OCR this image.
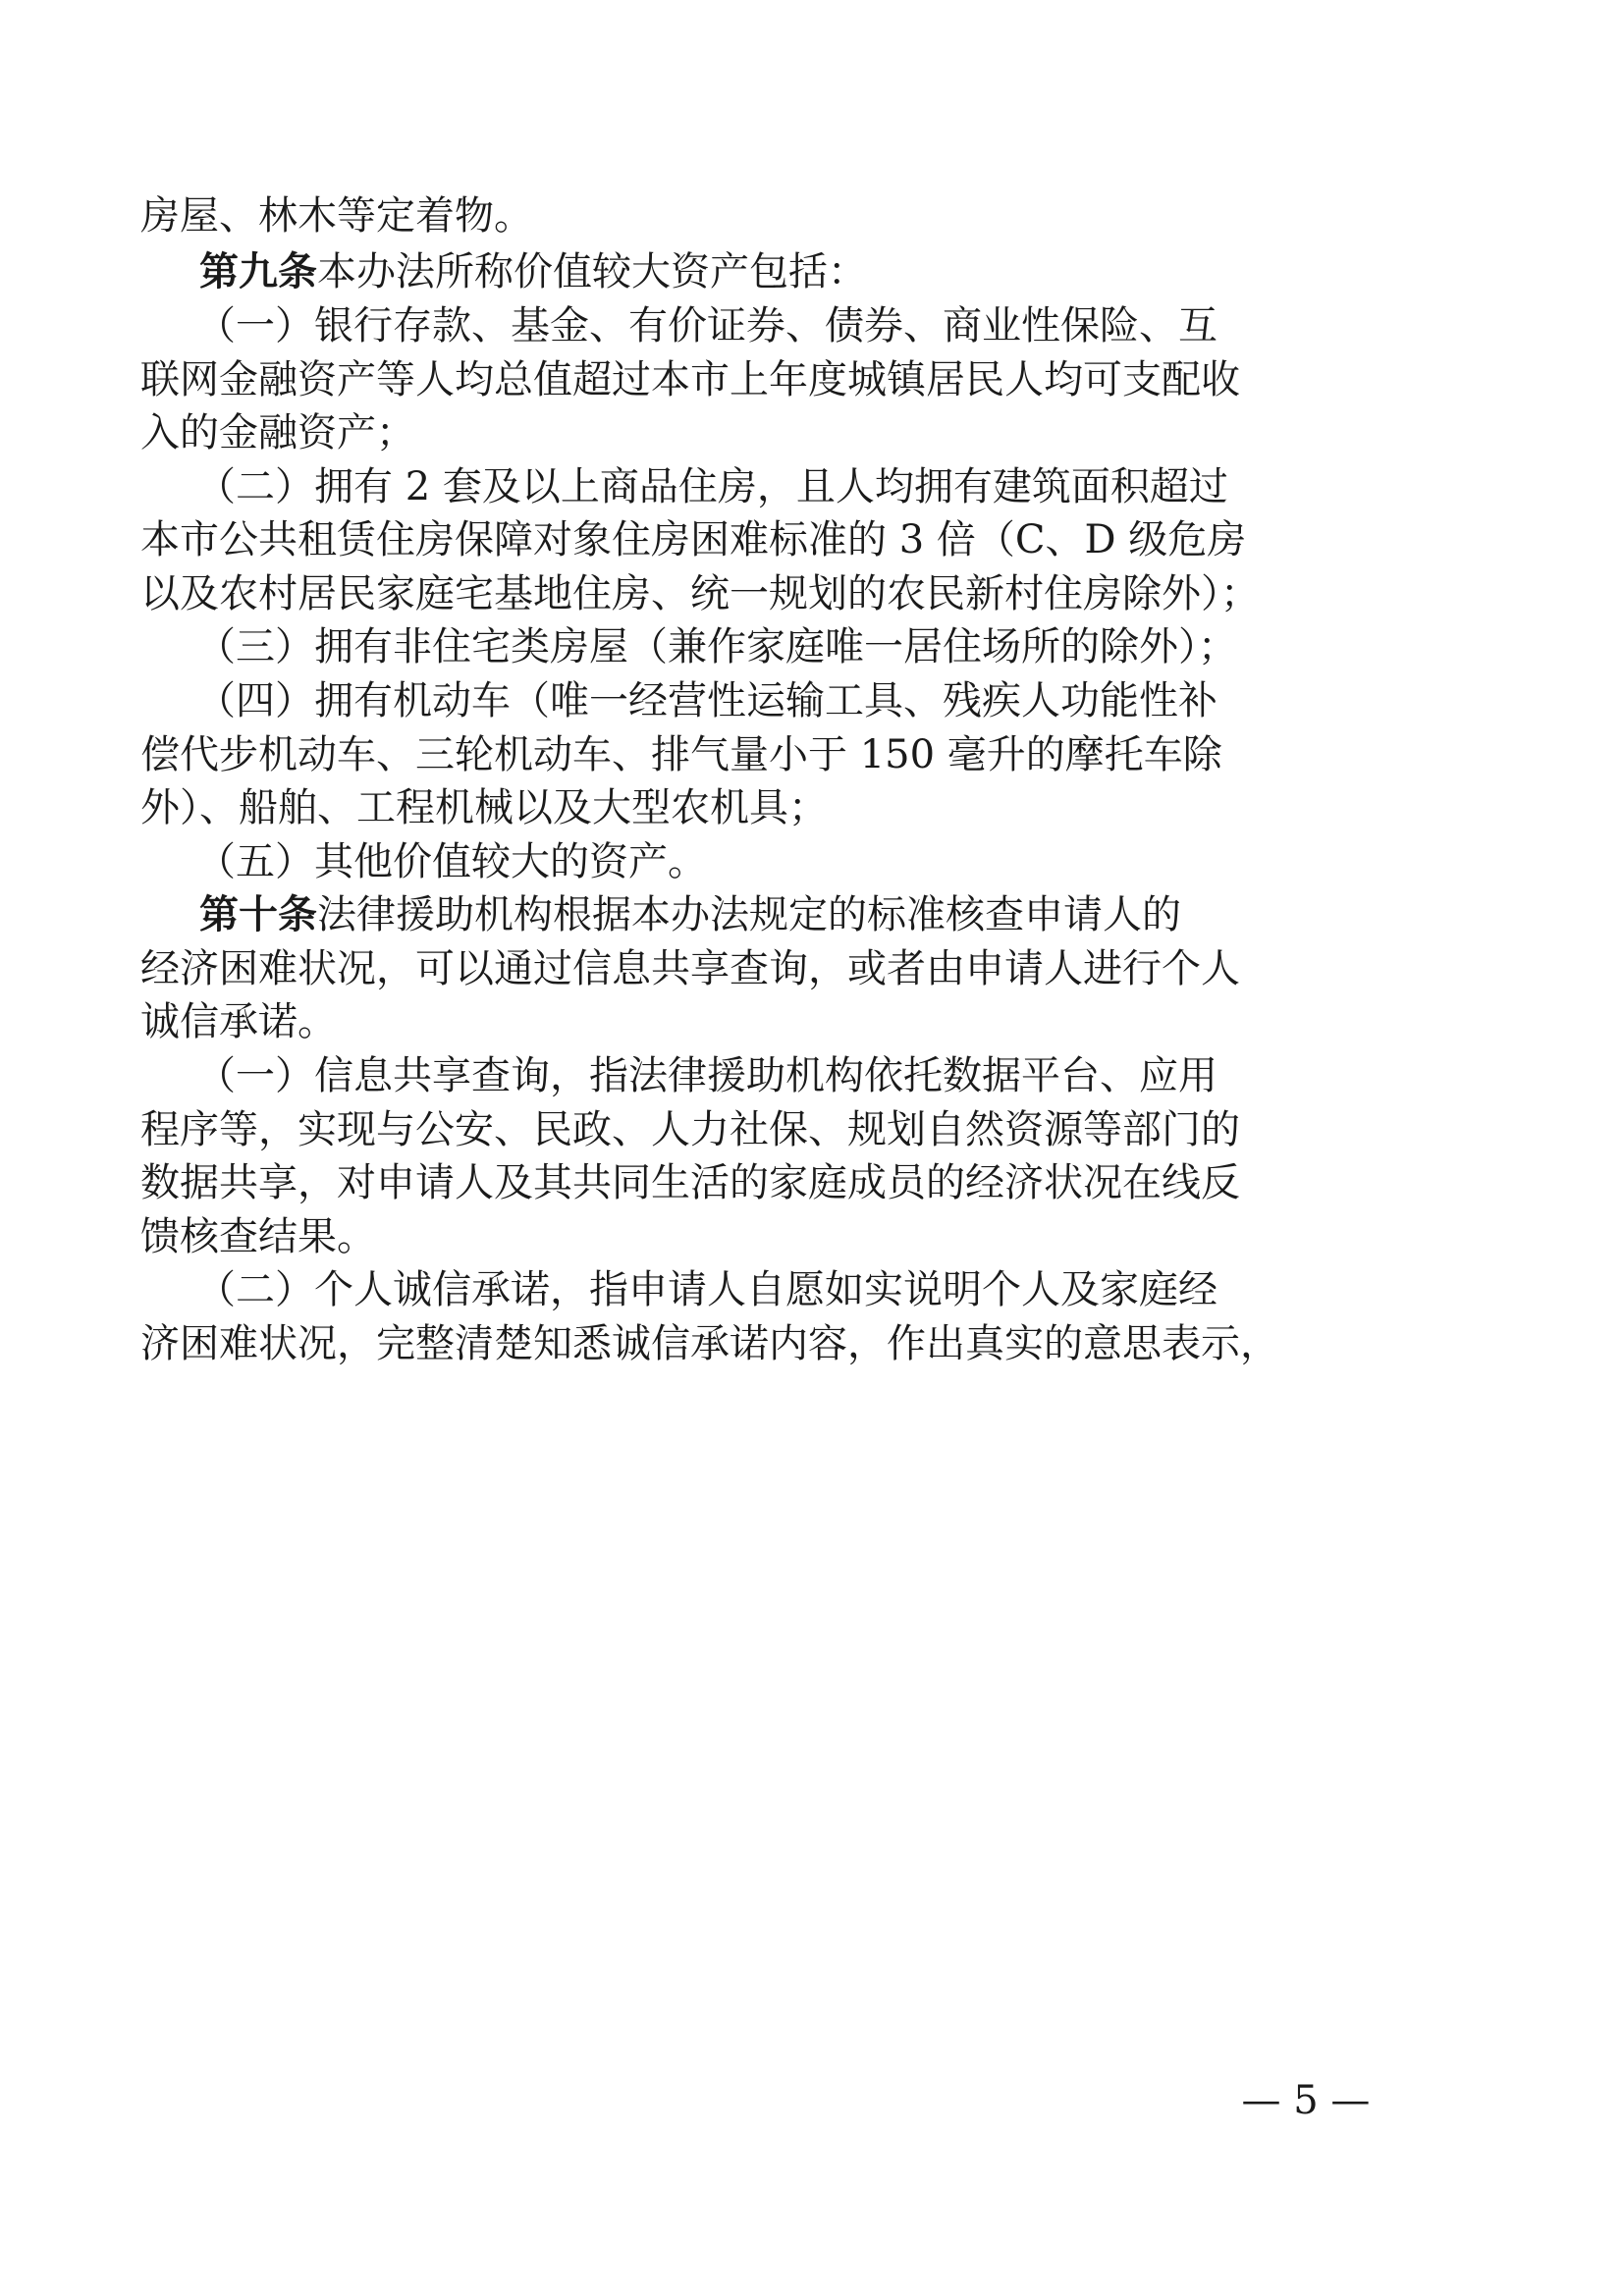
房屋、林木等定着物。
第九条 本办法所称价值较大资产包括：
（一）银行存款、基金、有价证券、债券、商业性保险、互
联网金融资产等人均总值超过本市上年度城镇居民人均可支配收
入的金融资产；
（二）拥有 2 套及以上商品住房，且人均拥有建筑面积超过
本市公共租赁住房保障对象住房困难标准的 3 倍（C、D 级危房
以及农村居民家庭宅基地住房、统一规划的农民新村住房除外）；
（三）拥有非住宅类房屋（兼作家庭唯一居住场所的除外）；
（四）拥有机动车（唯一经营性运输工具、残疾人功能性补
偿代步机动车、三轮机动车、排气量小于 150 毫升的摩托车除
外）、船舶、工程机械以及大型农机具；
（五）其他价值较大的资产。
第十条 法律援助机构根据本办法规定的标准核查申请人的
经济困难状况，可以通过信息共享查询，或者由申请人进行个人
诚信承诺。
（一）信息共享查询，指法律援助机构依托数据平台、应用
程序等，实现与公安、民政、人力社保、规划自然资源等部门的
数据共享，对申请人及其共同生活的家庭成员的经济状况在线反
馈核查结果。
（二）个人诚信承诺，指申请人自愿如实说明个人及家庭经
济困难状况，完整清楚知悉诚信承诺内容，作出真实的意思表示，
— 5 —
